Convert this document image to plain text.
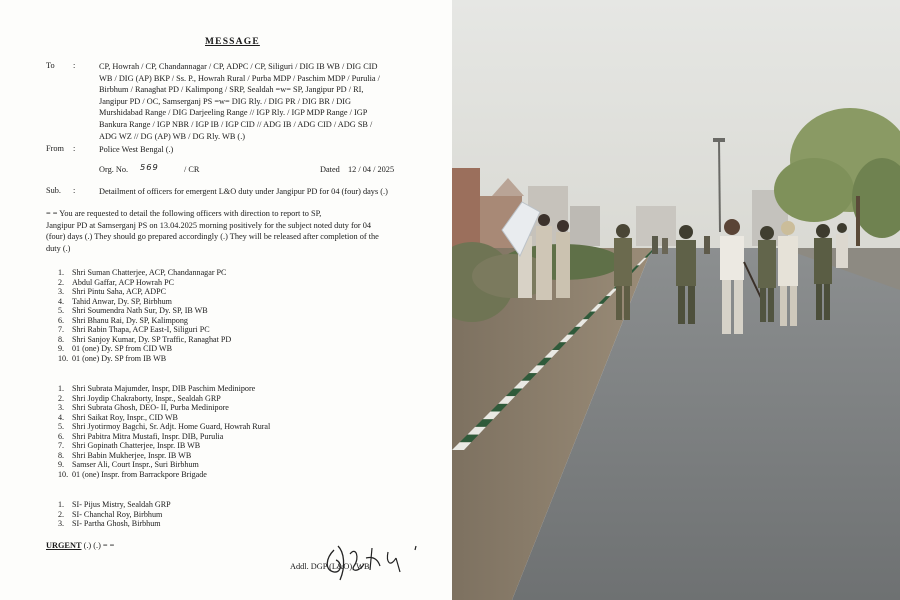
MESSAGE
To :	CP, Howrah / CP, Chandannagar / CP, ADPC / CP, Siliguri / DIG IB WB / DIG CID
WB / DIG (AP) BKP / Ss. P., Howrah Rural / Purba MDP / Paschim MDP / Purulia /
Birbhum / Ranaghat PD / Kalimpong / SRP, Sealdah =w= SP, Jangipur PD / RI,
Jangipur PD / OC, Samserganj PS =w= DIG Rly. / DIG PR / DIG BR / DIG
Murshidabad Range / DIG Darjeeling Range // IGP Rly. / IGP MDP Range / IGP
Bankura Range / IGP NBR / IGP IB / IGP CID // ADG IB / ADG CID / ADG SB /
ADG WZ // DG (AP) WB / DG Rly. WB (.)
From :	Police West Bengal (.)
Org. No. 569	/ CR	Dated 12 / 04 / 2025
Sub. :	Detailment of officers for emergent L&O duty under Jangipur PD for 04 (four) days (.)
= = You are requested to detail the following officers with direction to report to SP,
Jangipur PD at Samserganj PS on 13.04.2025 morning positively for the subject noted duty for 04
(four) days (.) They should go prepared accordingly (.) They will be released after completion of the
duty (.)
1. Shri Suman Chatterjee, ACP, Chandannagar PC
2. Abdul Gaffar, ACP Howrah PC
3. Shri Pintu Saha, ACP, ADPC
4. Tahid Anwar, Dy. SP, Birbhum
5. Shri Soumendra Nath Sur, Dy. SP, IB WB
6. Shri Bhanu Rai, Dy. SP, Kalimpong
7. Shri Rabin Thapa, ACP East-I, Siliguri PC
8. Shri Sanjoy Kumar, Dy. SP Traffic, Ranaghat PD
9. 01 (one) Dy. SP from CID WB
10. 01 (one) Dy. SP from IB WB
1. Shri Subrata Majumder, Inspr, DIB Paschim Medinipore
2. Shri Joydip Chakraborty, Inspr., Sealdah GRP
3. Shri Subrata Ghosh, DEO- II, Purba Medinipore
4. Shri Saikat Roy, Inspr., CID WB
5. Shri Jyotirmoy Bagchi, Sr. Adjt. Home Guard, Howrah Rural
6. Shri Pabitra Mitra Mustafi, Inspr. DIB, Purulia
7. Shri Gopinath Chatterjee, Inspr. IB WB
8. Shri Babin Mukherjee, Inspr. IB WB
9. Samser Ali, Court Inspr., Suri Birbhum
10. 01 (one) Inspr. from Barrackpore Brigade
1. SI- Pijus Mistry, Sealdah GRP
2. SI- Chanchal Roy, Birbhum
3. SI- Partha Ghosh, Birbhum
URGENT (.) (.) = =
Addl. DGP (L&O), WB
